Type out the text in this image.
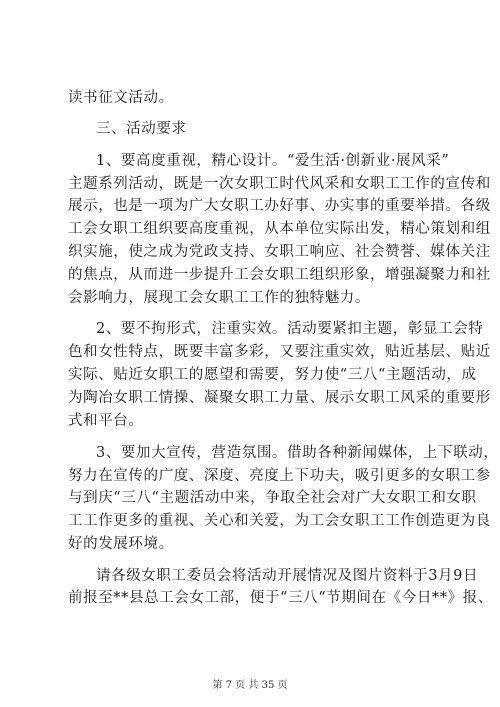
读书征文活动。
三、活动要求
1、要高度重视，精心设计。“爱生活·创新业·展风采”
主题系列活动，既是一次女职工时代风采和女职工工作的宣传和
展示，也是一项为广大女职工办好事、办实事的重要举措。各级
工会女职工组织要高度重视，从本单位实际出发，精心策划和组
织实施，使之成为党政支持、女职工响应、社会赞誉、媒体关注
的焦点，从而进一步提升工会女职工组织形象，增强凝聚力和社
会影响力，展现工会女职工工作的独特魅力。
2、要不拘形式，注重实效。活动要紧扣主题，彰显工会特
色和女性特点，既要丰富多彩，又要注重实效，贴近基层、贴近
实际、贴近女职工的愿望和需要，努力使“三八“主题活动，成
为陶冶女职工情操、凝聚女职工力量、展示女职工风采的重要形
式和平台。
3、要加大宣传，营造氛围。借助各种新闻媒体，上下联动，
努力在宣传的广度、深度、亮度上下功夫，吸引更多的女职工参
与到庆“三八“主题活动中来，争取全社会对广大女职工和女职
工工作更多的重视、关心和关爱，为工会女职工工作创造更为良
好的发展环境。
请各级女职工委员会将活动开展情况及图片资料于3月9日
前报至**县总工会女工部，便于“三八“节期间在《今日**》报、
第 7 页 共 35 页
